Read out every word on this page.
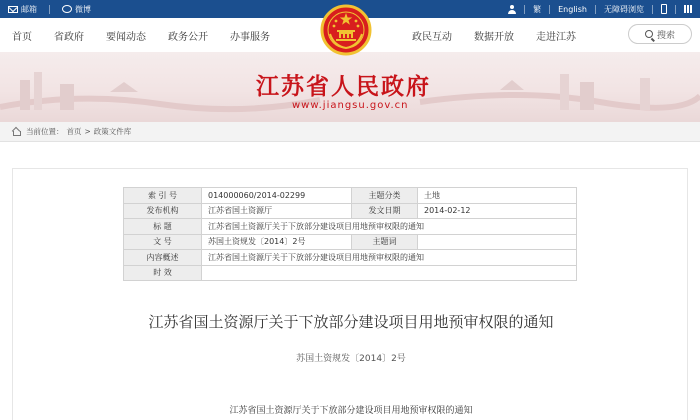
邮箱	微博	繁 English 无障碍浏览
首页 省政府 要闻动态 政务公开 办事服务	政民互动 数据开放 走进江苏	搜索
江苏省人民政府
www.jiangsu.gov.cn
当前位置： 首页 > 政策文件库
索 引 号	014000060/2014-02299	主题分类	土地
发布机构	江苏省国土资源厅	发文日期	2014-02-12
标 题	江苏省国土资源厅关于下放部分建设项目用地预审权限的通知		
文 号	苏国土资规发〔2014〕2号	主题词	
内容概述	江苏省国土资源厅关于下放部分建设项目用地预审权限的通知		
时 效			
江苏省国土资源厅关于下放部分建设项目用地预审权限的通知
苏国土资规发〔2014〕2号
江苏省国土资源厅关于下放部分建设项目用地预审权限的通知
